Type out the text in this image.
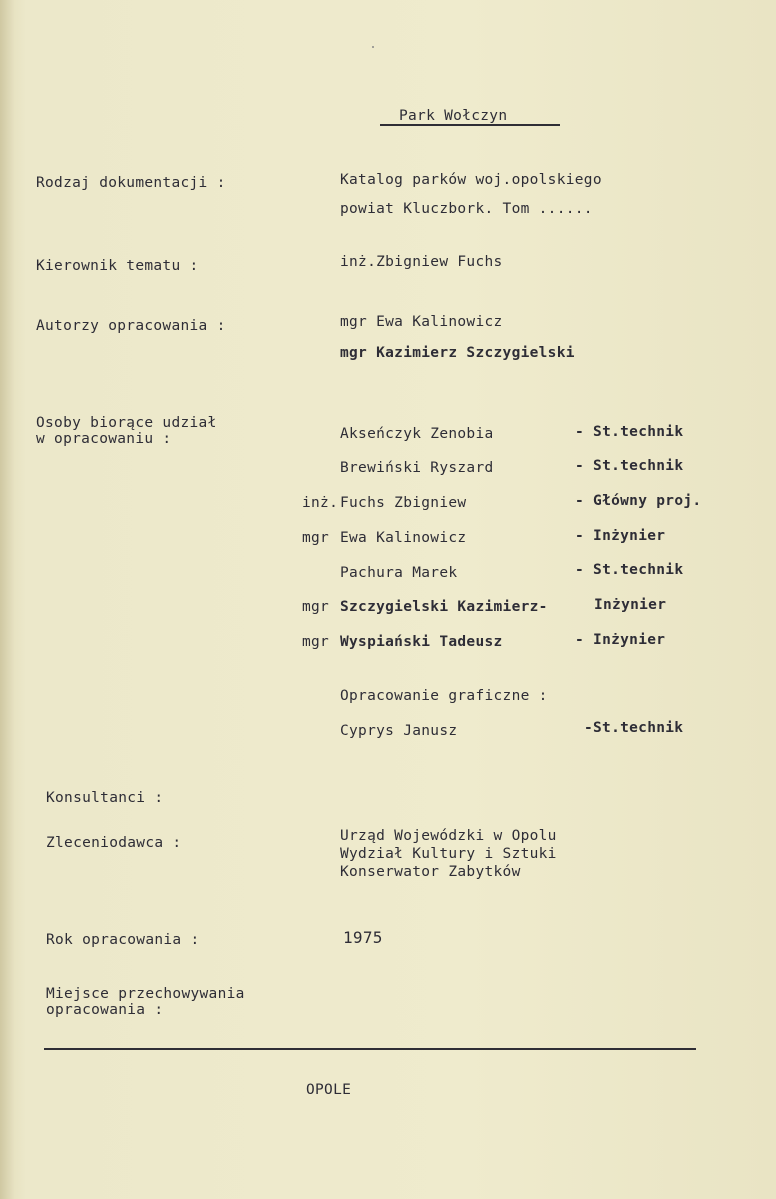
Park Wołczyn
Rodzaj dokumentacji :	Katalog parków woj.opolskiego
powiat Kluczbork. Tom ......
Kierownik tematu :	inż.Zbigniew Fuchs
Autorzy opracowania :	mgr Ewa Kalinowicz
mgr Kazimierz Szczygielski
Osoby biorące udział
w opracowaniu :	Akseńczyk Zenobia	- St.technik
Brewiński Ryszard	- St.technik
inż. Fuchs Zbigniew	- Główny proj.
mgr Ewa Kalinowicz	- Inżynier
Pachura Marek	- St.technik
mgr Szczygielski Kazimierz-	Inżynier
mgr Wyspiański Tadeusz	- Inżynier
Opracowanie graficzne :
Cyprys Janusz	-St.technik
Konsultanci :
Zleceniodawca :	Urząd Wojewódzki w Opolu
Wydział Kultury i Sztuki
Konserwator Zabytków
Rok opracowania :	1975
Miejsce przechowywania
opracowania :
OPOLE
